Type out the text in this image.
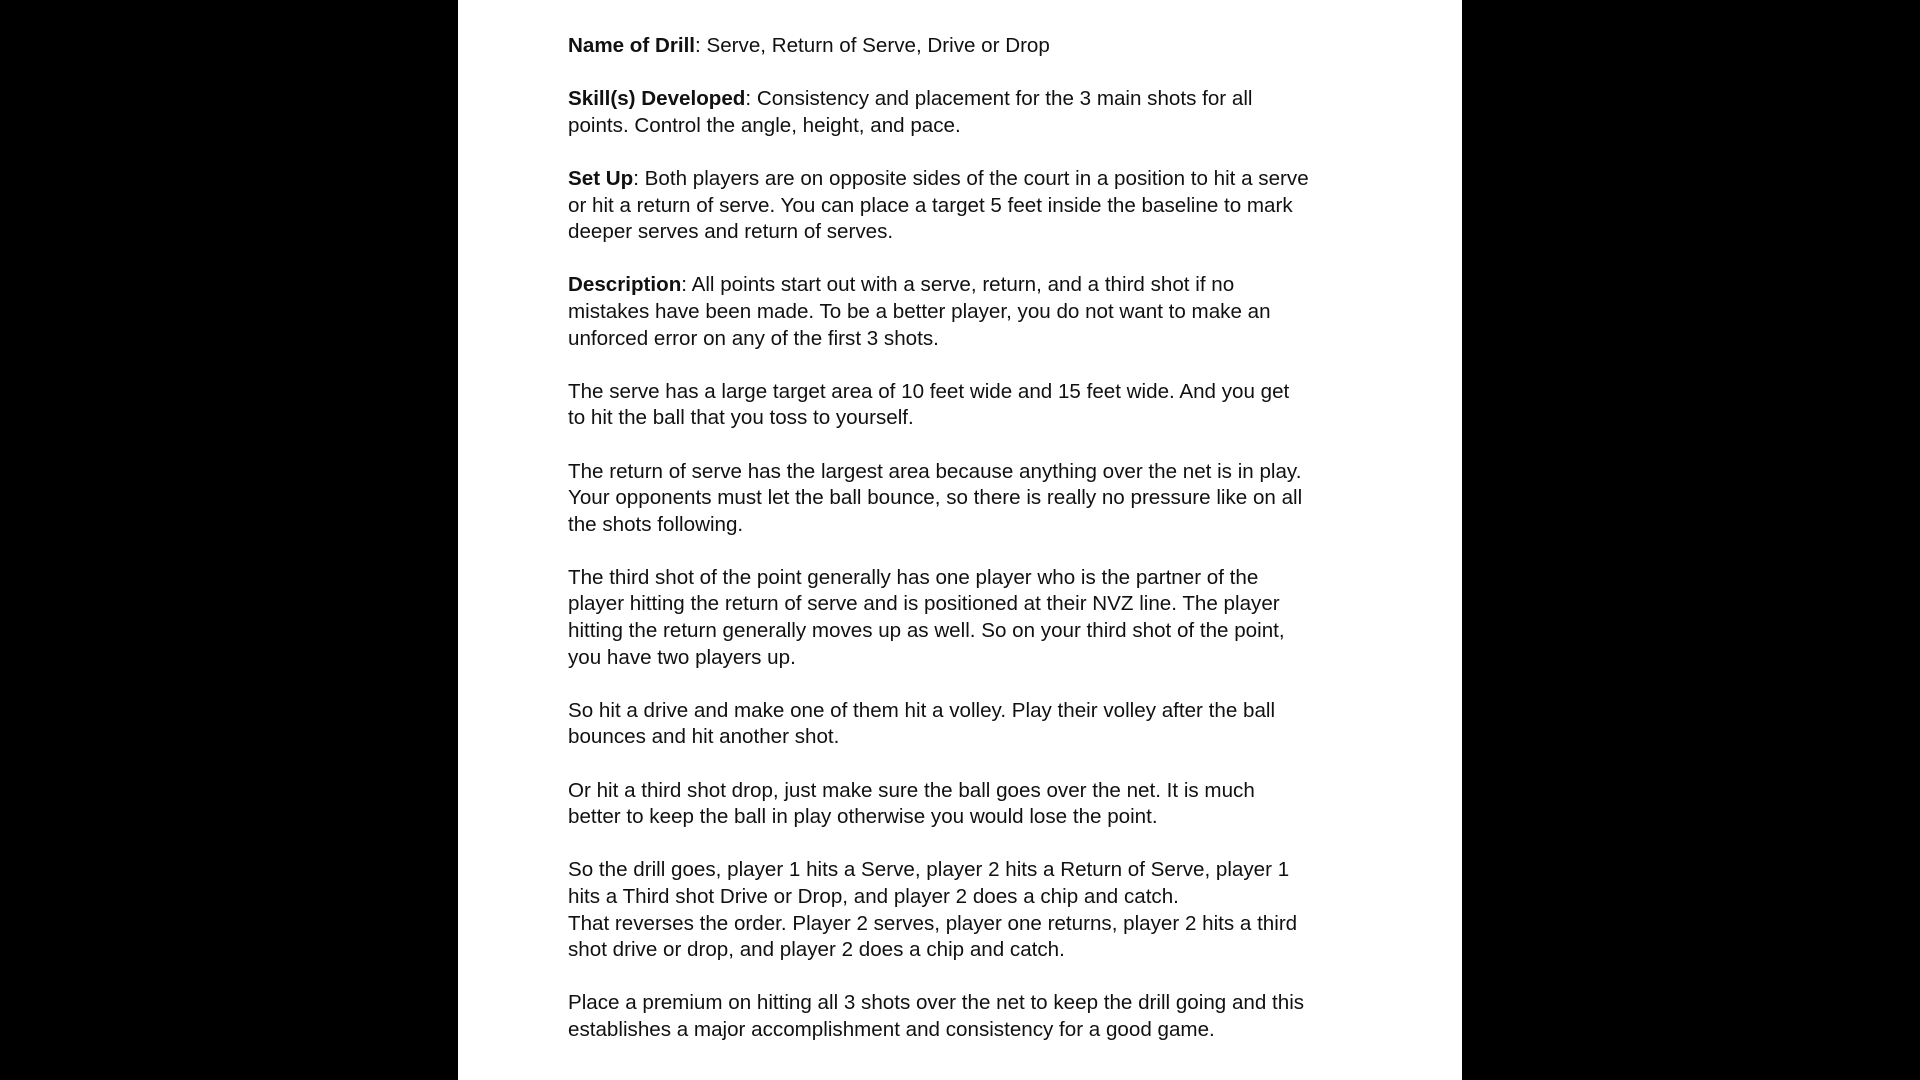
Name of Drill: Serve, Return of Serve, Drive or Drop

Skill(s) Developed: Consistency and placement for the 3 main shots for all
points. Control the angle, height, and pace.

Set Up: Both players are on opposite sides of the court in a position to hit a serve
or hit a return of serve. You can place a target 5 feet inside the baseline to mark
deeper serves and return of serves.

Description: All points start out with a serve, return, and a third shot if no
mistakes have been made. To be a better player, you do not want to make an
unforced error on any of the first 3 shots.

The serve has a large target area of 10 feet wide and 15 feet wide. And you get
to hit the ball that you toss to yourself.

The return of serve has the largest area because anything over the net is in play.
Your opponents must let the ball bounce, so there is really no pressure like on all
the shots following.

The third shot of the point generally has one player who is the partner of the
player hitting the return of serve and is positioned at their NVZ line. The player
hitting the return generally moves up as well. So on your third shot of the point,
you have two players up.

So hit a drive and make one of them hit a volley. Play their volley after the ball
bounces and hit another shot.

Or hit a third shot drop, just make sure the ball goes over the net. It is much
better to keep the ball in play otherwise you would lose the point.

So the drill goes, player 1 hits a Serve, player 2 hits a Return of Serve, player 1
hits a Third shot Drive or Drop, and player 2 does a chip and catch.

That reverses the order. Player 2 serves, player one returns, player 2 hits a third
shot drive or drop, and player 2 does a chip and catch.

Place a premium on hitting all 3 shots over the net to keep the drill going and this
establishes a major accomplishment and consistency for a good game.
